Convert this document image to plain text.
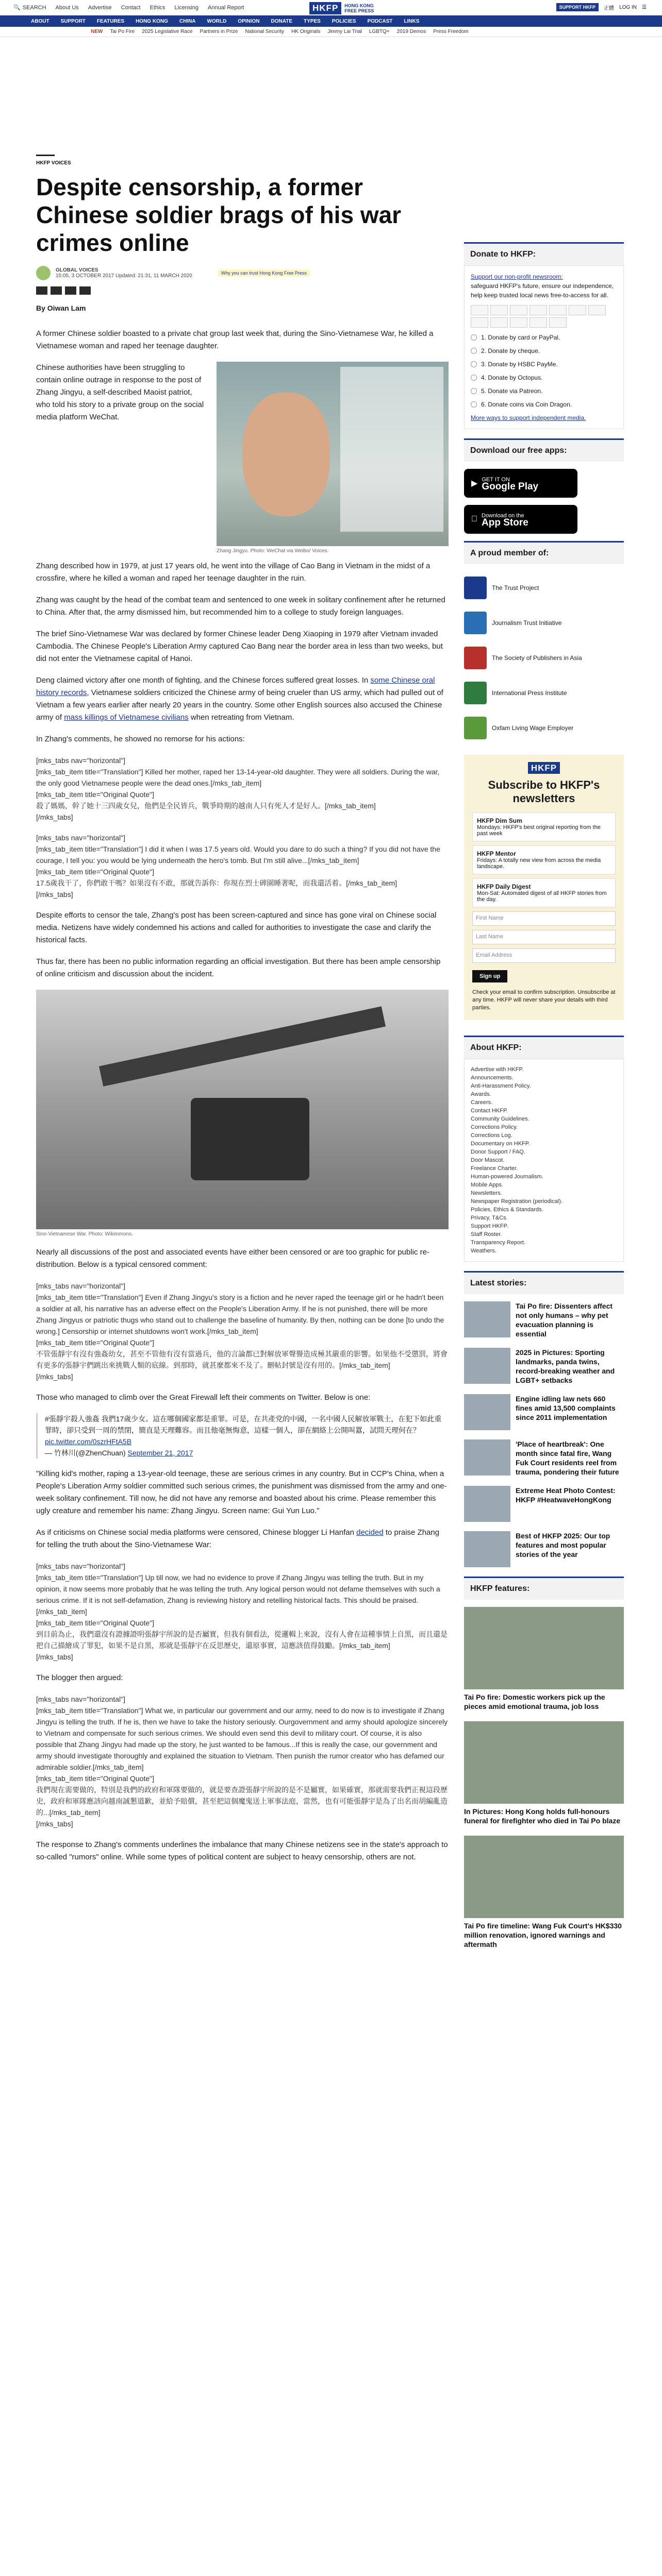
🔍 SEARCH About Us Advertise Contact Ethics Licensing Annual Report	HKFP	HONG KONG
FREE PRESS
SUPPORT HKFP	正體 LOG IN ☰
ABOUT SUPPORT FEATURES HONG KONG CHINA WORLD OPINION DONATE TYPES POLICIES PODCAST LINKS
NEW Tai Po Fire 2025 Legislative Race Partners in Prize National Security HK Originals Jimmy Lai Trial LGBTQ+ 2019 Demos Press Freedom
HKFP VOICES
Despite censorship, a former Chinese soldier brags of his war crimes online
GLOBAL VOICES
15:05, 3 OCTOBER 2017 Updated: 21:31, 11 MARCH 2020	Why you can trust Hong Kong Free Press
By Oiwan Lam

A former Chinese soldier boasted to a private chat group last week that, during the Sino-Vietnamese War, he killed a Vietnamese woman and raped her teenage daughter.

Zhang Jingyu. Photo: WeChat via Weibo/ Voices.

Chinese authorities have been struggling to contain online outrage in response to the post of Zhang Jingyu, a self-described Maoist patriot, who told his story to a private group on the social media platform WeChat.

Zhang described how in 1979, at just 17 years old, he went into the village of Cao Bang in Vietnam in the midst of a crossfire, where he killed a woman and raped her teenage daughter in the ruin.

Zhang was caught by the head of the combat team and sentenced to one week in solitary confinement after he returned to China. After that, the army dismissed him, but recommended him to a college to study foreign languages.

The brief Sino-Vietnamese War was declared by former Chinese leader Deng Xiaoping in 1979 after Vietnam invaded Cambodia. The Chinese People's Liberation Army captured Cao Bang near the border area in less than two weeks, but did not enter the Vietnamese capital of Hanoi.

Deng claimed victory after one month of fighting, and the Chinese forces suffered great losses. In some Chinese oral history records, Vietnamese soldiers criticized the Chinese army of being crueler than US army, which had pulled out of Vietnam a few years earlier after nearly 20 years in the country. Some other English sources also accused the Chinese army of mass killings of Vietnamese civilians when retreating from Vietnam.

In Zhang's comments, he showed no remorse for his actions:

[mks_tabs nav="horizontal"]
[mks_tab_item title="Translation"] Killed her mother, raped her 13-14-year-old daughter. They were all soldiers. During the war, the only good Vietnamese people were the dead ones.[/mks_tab_item]
[mks_tab_item title="Original Quote"]
殺了媽媽，幹了她十三四歲女兒，他們是全民皆兵，戰爭時期的越南人只有死人才是好人。[/mks_tab_item]
[/mks_tabs]
[mks_tabs nav="horizontal"]
[mks_tab_item title="Translation"] I did it when I was 17.5 years old. Would you dare to do such a thing? If you did not have the courage, I tell you: you would be lying underneath the hero's tomb. But I'm still alive...[/mks_tab_item]
[mks_tab_item title="Original Quote"]
17.5歲我干了，你們敢干嗎？如果沒有不敢，那就告訴你：你現在烈士碑園睡著呢，而我還活着。[/mks_tab_item]
[/mks_tabs]

Despite efforts to censor the tale, Zhang's post has been screen-captured and since has gone viral on Chinese social media. Netizens have widely condemned his actions and called for authorities to investigate the case and clarify the historical facts.

Thus far, there has been no public information regarding an official investigation. But there has been ample censorship of online criticism and discussion about the incident.

Sino-Vietnamese War. Photo: Wikimmons.

Nearly all discussions of the post and associated events have either been censored or are too graphic for public re-distribution. Below is a typical censored comment:

[mks_tabs nav="horizontal"]
[mks_tab_item title="Translation"] Even if Zhang Jingyu's story is a fiction and he never raped the teenage girl or he hadn't been a soldier at all, his narrative has an adverse effect on the People's Liberation Army. If he is not punished, there will be more Zhang Jingyus or patriotic thugs who stand out to challenge the baseline of humanity. By then, nothing can be done [to undo the wrong.] Censorship or internet shutdowns won't work.[/mks_tab_item]
[mks_tab_item title="Original Quote"]
不管張靜宇有沒有強姦幼女，甚至不管他有沒有當過兵，他的言論都已對解放軍聲譽造成極其嚴重的影響。如果他不受懲罰，將會有更多的張靜宇們跳出來挑戰人類的底線。到那時，就甚麼都來不及了。刪帖封號是沒有用的。[/mks_tab_item]
[/mks_tabs]

Those who managed to climb over the Great Firewall left their comments on Twitter. Below is one:

#張靜宇殺人強姦 我們17歲少女。這在哪個國家都是重罪。可是，在共產党的中國，一名中國人民解放軍戰士，在犯下如此重罪時，卻只受到一周的禁閉，簡直是天理難容。而且他毫無悔意，這樣一個人，卻在網絡上公開叫囂，試問天理何在？
pic.twitter.com/0szrHFtA5B
— 竹林川(@ZhenChuan) September 21, 2017

"Killing kid's mother, raping a 13-year-old teenage, these are serious crimes in any country. But in CCP's China, when a People's Liberation Army soldier committed such serious crimes, the punishment was dismissed from the army and one-week solitary confinement. Till now, he did not have any remorse and boasted about his crime. Please remember this ugly creature and remember his name: Zhang Jingyu. Screen name: Gui Yun Luo."

As if criticisms on Chinese social media platforms were censored, Chinese blogger Li Hanfan decided to praise Zhang for telling the truth about the Sino-Vietnamese War:

[mks_tabs nav="horizontal"]
[mks_tab_item title="Translation"] Up till now, we had no evidence to prove if Zhang Jingyu was telling the truth. But in my opinion, it now seems more probably that he was telling the truth. Any logical person would not defame themselves with such a serious crime. If it is not self-defamation, Zhang is reviewing history and retelling historical facts. This should be praised.[/mks_tab_item]
[mks_tab_item title="Original Quote"]
到目前為止，我們還沒有證據證明張靜宇所說的是否屬實，但我有個看法，從邏輯上來說，沒有人會在這種事情上自黑，而且還是把自己描繪成了罪犯，如果不是自黑，那就是張靜宇在反思歷史，還原事實，這應該值得鼓勵。[/mks_tab_item]
[/mks_tabs]

The blogger then argued:

[mks_tabs nav="horizontal"]
[mks_tab_item title="Translation"] What we, in particular our government and our army, need to do now is to investigate if Zhang Jingyu is telling the truth. If he is, then we have to take the history seriously. Ourgovernment and army should apologize sincerely to Vietnam and compensate for such serious crimes. We should even send this devil to military court. Of course, it is also possible that Zhang Jingyu had made up the story, he just wanted to be famous...If this is really the case, our government and army should investigate thoroughly and explained the situation to Vietnam. Then punish the rumor creator who has defamed our admirable soldier.[/mks_tab_item]
[mks_tab_item title="Original Quote"]
我們現在需要做的，特別是我們的政府和軍隊要做的，就是要查證張靜宇所說的是不是屬實，如果確實，那就需要我們正視這段歷史，政府和軍隊應該向越南誠懇道歉，並給予賠償，甚至把這個魔鬼送上軍事法庭，當然，也有可能張靜宇是為了出名而胡編亂造的...[/mks_tab_item]
[/mks_tabs]

The response to Zhang's comments underlines the imbalance that many Chinese netizens see in the state's approach to so-called "rumors" online. While some types of political content are subject to heavy censorship, others are not.

Donate to HKFP:
Support our non-profit newsroom:
safeguard HKFP's future, ensure our independence, help keep trusted local news free-to-access for all.
1. Donate by card or PayPal.
2. Donate by cheque.
3. Donate by HSBC PayMe.
4. Donate by Octopus.
5. Donate via Patreon.
6. Donate coins via Coin Dragon.
More ways to support independent media.
Download our free apps:
▶ GET IT ON
Google Play
Download on the
App Store
A proud member of:
The Trust Project
Journalism Trust Initiative
The Society of Publishers in Asia
International Press Institute
Oxfam Living Wage Employer
HKFP
Subscribe to HKFP's newsletters
HKFP Dim Sum
Mondays: HKFP's best original reporting from the past week
HKFP Mentor
Fridays: A totally new view from across the media landscape.
HKFP Daily Digest
Mon-Sat: Automated digest of all HKFP stories from the day.
First Name
Last Name
Email Address
Sign up
Check your email to confirm subscription. Unsubscribe at any time. HKFP will never share your details with third parties.
About HKFP:
Advertise with HKFP.
Announcements.
Anti-Harassment Policy.
Awards.
Careers.
Contact HKFP.
Community Guidelines.
Corrections Policy.
Corrections Log.
Documentary on HKFP.
Donor Support / FAQ.
Door Mascot.
Freelance Charter.
Human-powered Journalism.
Mobile Apps.
Newsletters.
Newspaper Registration (periodical).
Policies, Ethics & Standards.
Privacy, T&Cs.
Support HKFP.
Staff Roster.
Transparency Report.
Weathers.
Latest stories:
Tai Po fire: Dissenters affect not only humans – why pet evacuation planning is essential
2025 in Pictures: Sporting landmarks, panda twins, record-breaking weather and LGBT+ setbacks
Engine idling law nets 660 fines amid 13,500 complaints since 2011 implementation
'Place of heartbreak': One month since fatal fire, Wang Fuk Court residents reel from trauma, pondering their future
Extreme Heat Photo Contest: HKFP #HeatwaveHongKong
Best of HKFP 2025: Our top features and most popular stories of the year
HKFP features:
Tai Po fire: Domestic workers pick up the pieces amid emotional trauma, job loss
In Pictures: Hong Kong holds full-honours funeral for firefighter who died in Tai Po blaze
Tai Po fire timeline: Wang Fuk Court's HK$330 million renovation, ignored warnings and aftermath
